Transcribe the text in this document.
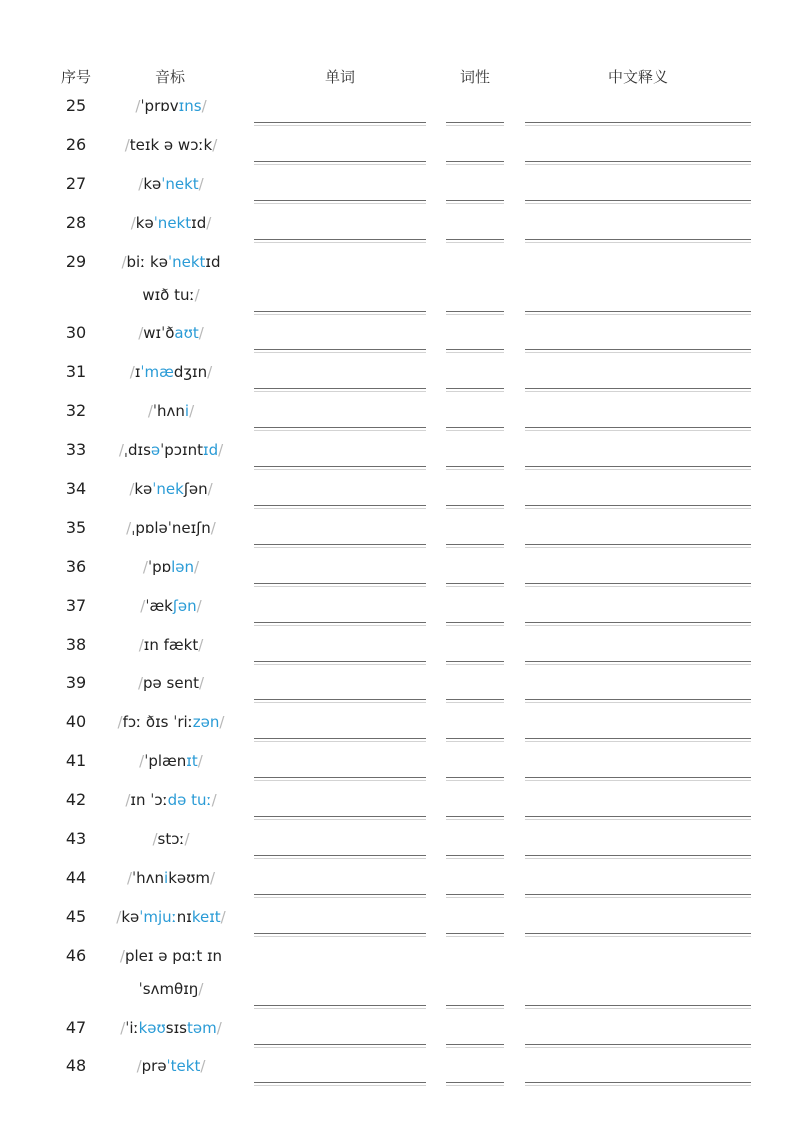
序号	音标	单词	词性	中文释义
25	/ˈprɒvɪns/
26	/teɪk ə wɔːk/
27	/kəˈnekt/
28	/kəˈnektɪd/
29	/biː kəˈnektɪd
wɪð tuː/
30	/wɪˈðaʊt/
31	/ɪˈmædʒɪn/
32	/ˈhʌni/
33	/ˌdɪsəˈpɔɪntɪd/
34	/kəˈnekʃən/
35	/ˌpɒləˈneɪʃn/
36	/ˈpɒlən/
37	/ˈækʃən/
38	/ɪn fækt/
39	/pə sent/
40	/fɔː ðɪs ˈriːzən/
41	/ˈplænɪt/
42	/ɪn ˈɔːdə tuː/
43	/stɔː/
44	/ˈhʌnikəʊm/
45	/kəˈmjuːnɪkeɪt/
46	/pleɪ ə pɑːt ɪn
ˈsʌmθɪŋ/
47	/ˈiːkəʊsɪstəm/
48	/prəˈtekt/
